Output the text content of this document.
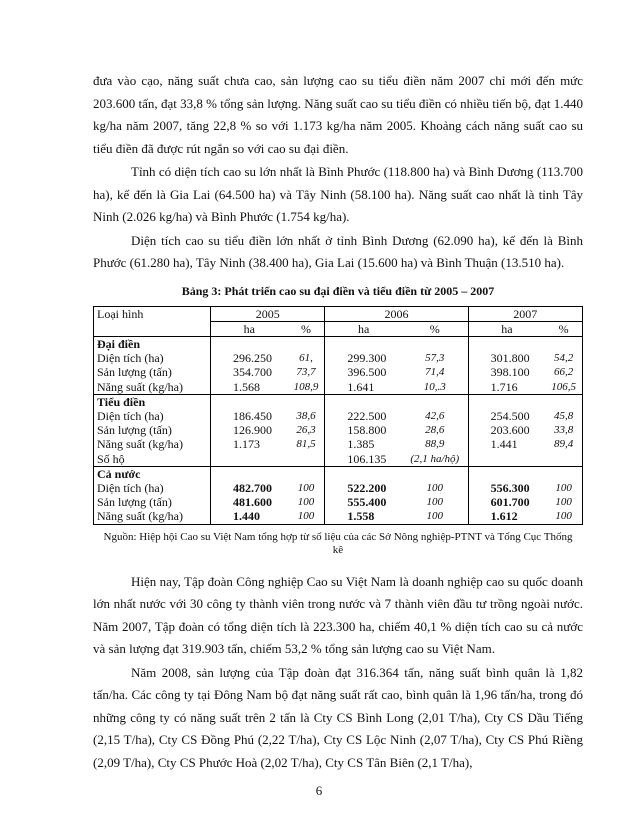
đưa vào cạo, năng suất chưa cao, sản lượng cao su tiểu điền năm 2007 chỉ mới đến mức 203.600 tấn, đạt 33,8 % tổng sản lượng. Năng suất cao su tiểu điền có nhiều tiến bộ, đạt 1.440 kg/ha năm 2007, tăng 22,8 % so với 1.173 kg/ha năm 2005. Khoảng cách năng suất cao su tiểu điền đã được rút ngắn so với cao su đại điền.

Tỉnh có diện tích cao su lớn nhất là Bình Phước (118.800 ha) và Bình Dương (113.700 ha), kế đến là Gia Lai (64.500 ha) và Tây Ninh (58.100 ha). Năng suất cao nhất là tỉnh Tây Ninh (2.026 kg/ha) và Bình Phước (1.754 kg/ha).

Diện tích cao su tiểu điền lớn nhất ở tỉnh Bình Dương (62.090 ha), kế đến là Bình Phước (61.280 ha), Tây Ninh (38.400 ha), Gia Lai (15.600 ha) và Bình Thuận (13.510 ha).

Bảng 3: Phát triển cao su đại điền và tiểu điền từ 2005 – 2007
Loại hình	2005		2006		2007	
	ha	%	ha	%	ha	%
Đại điền						
Diện tích (ha)	296.250	61,	299.300	57,3	301.800	54,2
Sản lượng (tấn)	354.700	73,7	396.500	71,4	398.100	66,2
Năng suất (kg/ha)	1.568	108,9	1.641	10,.3	1.716	106,5
Tiểu điền						
Diện tích (ha)	186.450	38,6	222.500	42,6	254.500	45,8
Sản lượng (tấn)	126.900	26,3	158.800	28,6	203.600	33,8
Năng suất (kg/ha)	1.173	81,5	1.385	88,9	1.441	89,4
Số hộ			106.135	(2,1 ha/hộ)		
Cả nước						
Diện tích (ha)	482.700	100	522.200	100	556.300	100
Sản lượng (tấn)	481.600	100	555.400	100	601.700	100
Năng suất (kg/ha)	1.440	100	1.558	100	1.612	100
Nguồn: Hiệp hội Cao su Việt Nam tổng hợp từ số liệu của các Sở Nông nghiệp-PTNT và Tổng Cục Thống kê

Hiện nay, Tập đoàn Công nghiệp Cao su Việt Nam là doanh nghiệp cao su quốc doanh lớn nhất nước với 30 công ty thành viên trong nước và 7 thành viên đầu tư trồng ngoài nước. Năm 2007, Tập đoàn có tổng diện tích là 223.300 ha, chiếm 40,1 % diện tích cao su cả nước và sản lượng đạt 319.903 tấn, chiếm 53,2 % tổng sản lượng cao su Việt Nam.

Năm 2008, sản lượng của Tập đoàn đạt 316.364 tấn, năng suất bình quân là 1,82 tấn/ha. Các công ty tại Đông Nam bộ đạt năng suất rất cao, bình quân là 1,96 tấn/ha, trong đó những công ty có năng suất trên 2 tấn là Cty CS Bình Long (2,01 T/ha), Cty CS Dầu Tiếng (2,15 T/ha), Cty CS Đồng Phú (2,22 T/ha), Cty CS Lộc Ninh (2,07 T/ha), Cty CS Phú Riềng (2,09 T/ha), Cty CS Phước Hoà (2,02 T/ha), Cty CS Tân Biên (2,1 T/ha),

6
